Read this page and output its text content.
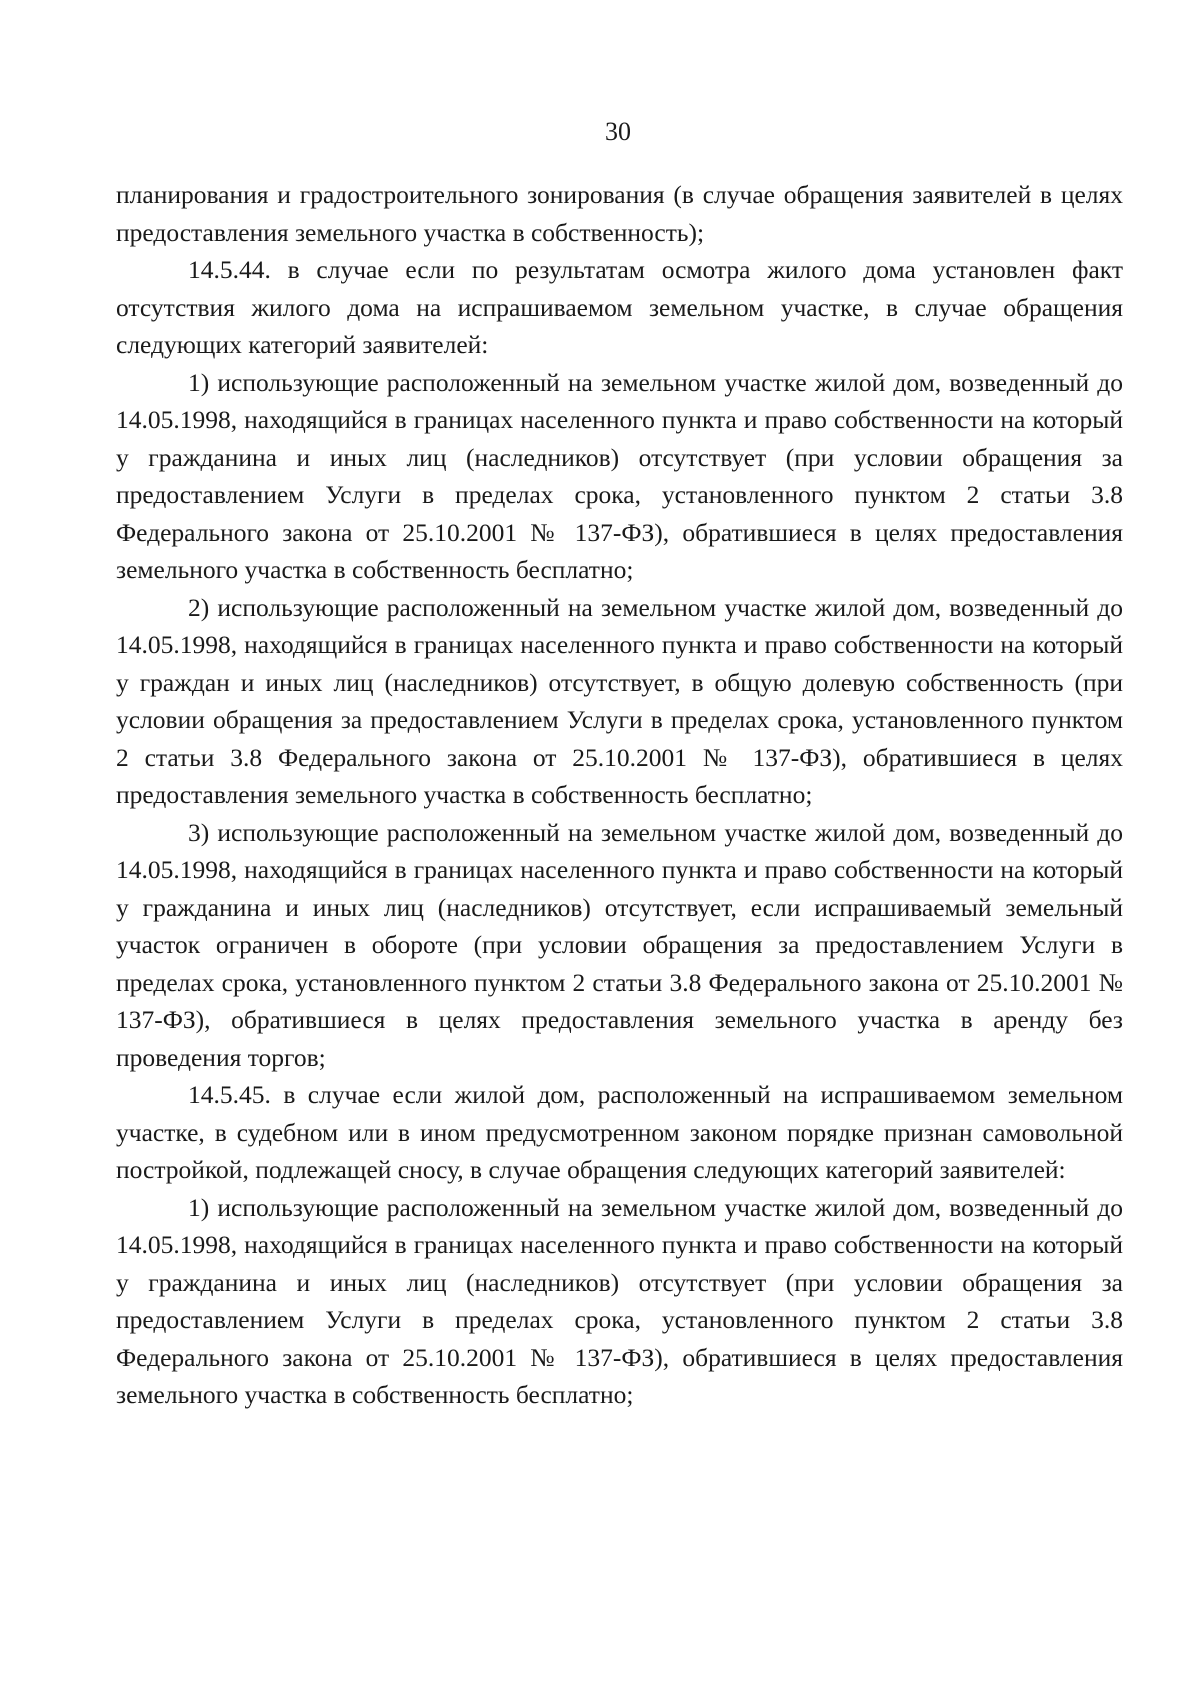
30

планирования и градостроительного зонирования (в случае обращения заявителей в целях предоставления земельного участка в собственность);

14.5.44. в случае если по результатам осмотра жилого дома установлен факт отсутствия жилого дома на испрашиваемом земельном участке, в случае обращения следующих категорий заявителей:

1) использующие расположенный на земельном участке жилой дом, возведенный до 14.05.1998, находящийся в границах населенного пункта и право собственности на который у гражданина и иных лиц (наследников) отсутствует (при условии обращения за предоставлением Услуги в пределах срока, установленного пунктом 2 статьи 3.8 Федерального закона от 25.10.2001 № 137-ФЗ), обратившиеся в целях предоставления земельного участка в собственность бесплатно;

2) использующие расположенный на земельном участке жилой дом, возведенный до 14.05.1998, находящийся в границах населенного пункта и право собственности на который у граждан и иных лиц (наследников) отсутствует, в общую долевую собственность (при условии обращения за предоставлением Услуги в пределах срока, установленного пунктом 2 статьи 3.8 Федерального закона от 25.10.2001 № 137-ФЗ), обратившиеся в целях предоставления земельного участка в собственность бесплатно;

3) использующие расположенный на земельном участке жилой дом, возведенный до 14.05.1998, находящийся в границах населенного пункта и право собственности на который у гражданина и иных лиц (наследников) отсутствует, если испрашиваемый земельный участок ограничен в обороте (при условии обращения за предоставлением Услуги в пределах срока, установленного пунктом 2 статьи 3.8 Федерального закона от 25.10.2001 № 137-ФЗ), обратившиеся в целях предоставления земельного участка в аренду без проведения торгов;

14.5.45. в случае если жилой дом, расположенный на испрашиваемом земельном участке, в судебном или в ином предусмотренном законом порядке признан самовольной постройкой, подлежащей сносу, в случае обращения следующих категорий заявителей:

1) использующие расположенный на земельном участке жилой дом, возведенный до 14.05.1998, находящийся в границах населенного пункта и право собственности на который у гражданина и иных лиц (наследников) отсутствует (при условии обращения за предоставлением Услуги в пределах срока, установленного пунктом 2 статьи 3.8 Федерального закона от 25.10.2001 № 137-ФЗ), обратившиеся в целях предоставления земельного участка в собственность бесплатно;
